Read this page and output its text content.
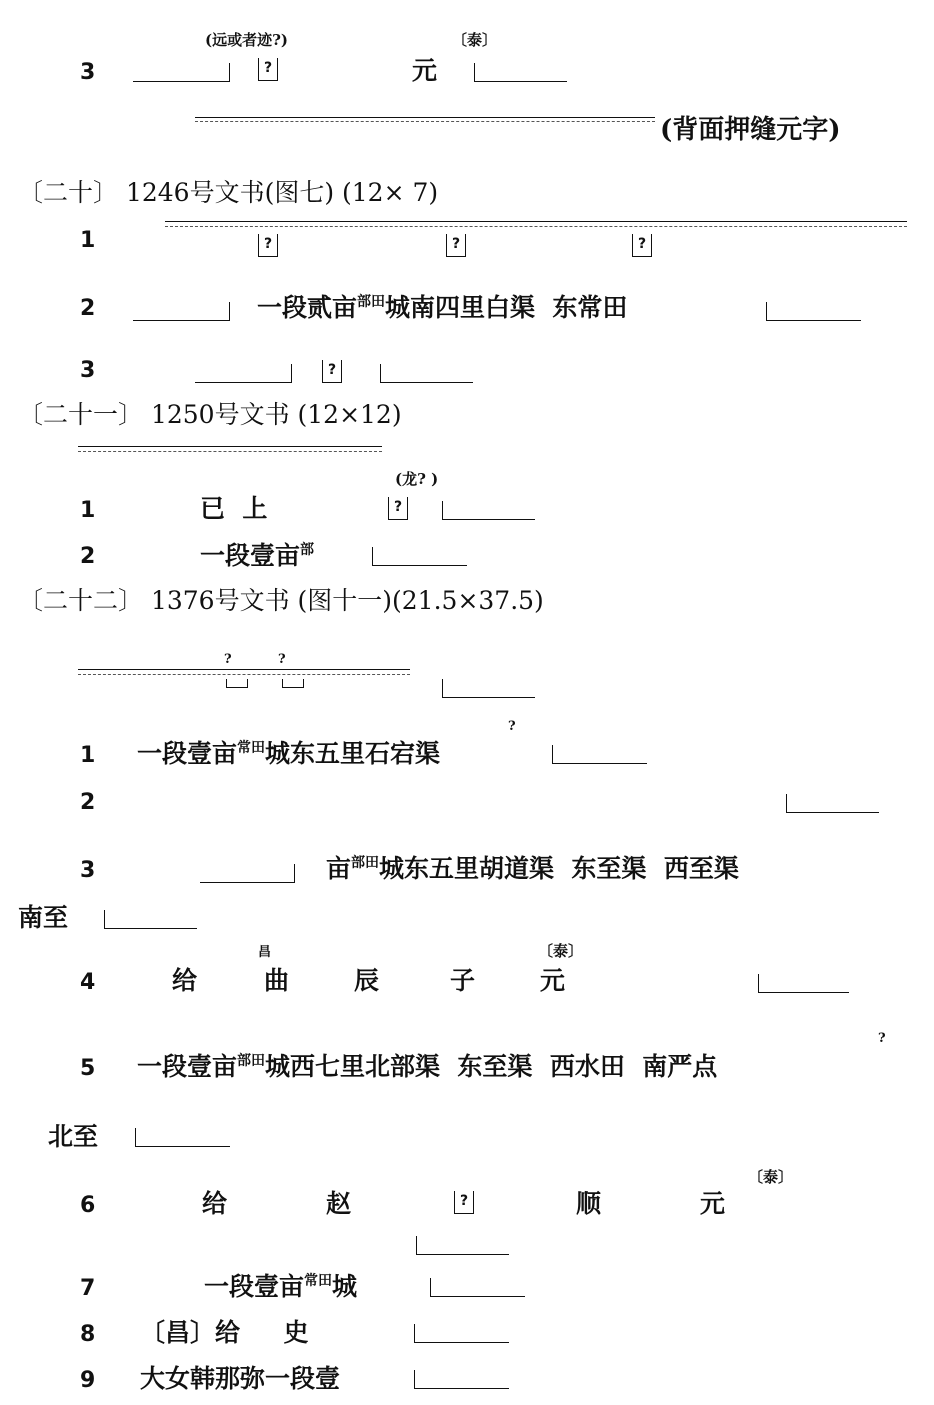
3
(远或者迹?)
?	元
〔泰〕
(背面押缝元字)
〔二十〕 1246号文书(图七) (12× 7)
1	?	?	?
2	一段贰亩$^{部田}$城南四里白渠  东常田
3	?
〔二十一〕 1250号文书 (12×12)
1	已  上
(龙? )
?
2	一段壹亩$^部$
〔二十二〕 1376号文书 (图十一)(21.5×37.5)
?	?
1 一段壹亩$^{常田}$城东五里石宕渠
?
2
3	亩$^{部田}$城东五里胡道渠  东至渠  西至渠
南至
4	给
昌
曲	辰	子
〔泰〕
元
5 一段壹亩$^{部田}$城西七里北部渠  东至渠  西水田  南严点
?
北至
6	给	赵	?	顺	元
〔泰〕
7	一段壹亩$^{常田}$城
8 〔昌〕给     史
9 大女韩那弥一段壹
